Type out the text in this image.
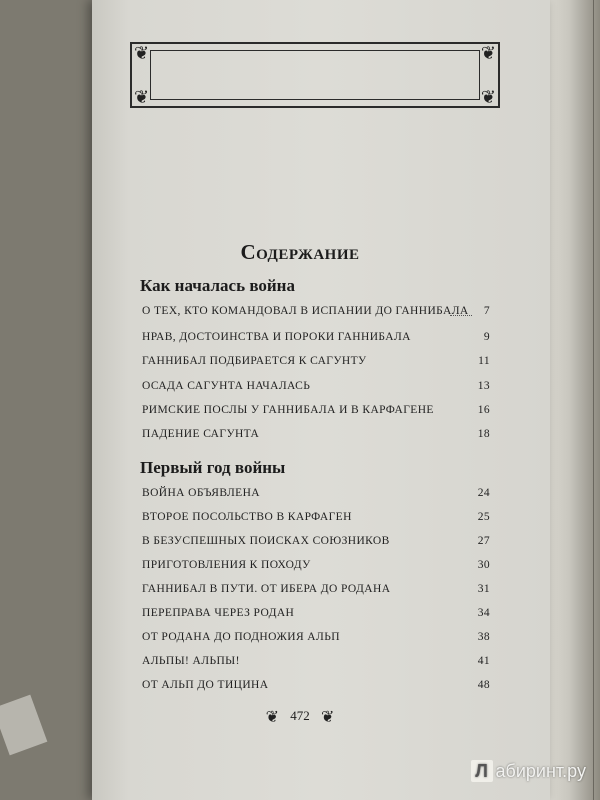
❦
❦
❦
❦
Содержание
Как началась война
О ТЕХ, КТО КОМАНДОВАЛ В ИСПАНИИ ДО ГАННИБАЛА 7
НРАВ, ДОСТОИНСТВА И ПОРОКИ ГАННИБАЛА	9
ГАННИБАЛ ПОДБИРАЕТСЯ К САГУНТУ	11
ОСАДА САГУНТА НАЧАЛАСЬ	13
РИМСКИЕ ПОСЛЫ У ГАННИБАЛА И В КАРФАГЕНЕ	16
ПАДЕНИЕ САГУНТА	18
Первый год войны
ВОЙНА ОБЪЯВЛЕНА	24
ВТОРОЕ ПОСОЛЬСТВО В КАРФАГЕН	25
В БЕЗУСПЕШНЫХ ПОИСКАХ СОЮЗНИКОВ	27
ПРИГОТОВЛЕНИЯ К ПОХОДУ	30
ГАННИБАЛ В ПУТИ. ОТ ИБЕРА ДО РОДАНА	31
ПЕРЕПРАВА ЧЕРЕЗ РОДАН	34
ОТ РОДАНА ДО ПОДНОЖИЯ АЛЬП	38
АЛЬПЫ! АЛЬПЫ!	41
ОТ АЛЬП ДО ТИЦИНА	48
❦ 472 ❦
Л абиринт.ру
